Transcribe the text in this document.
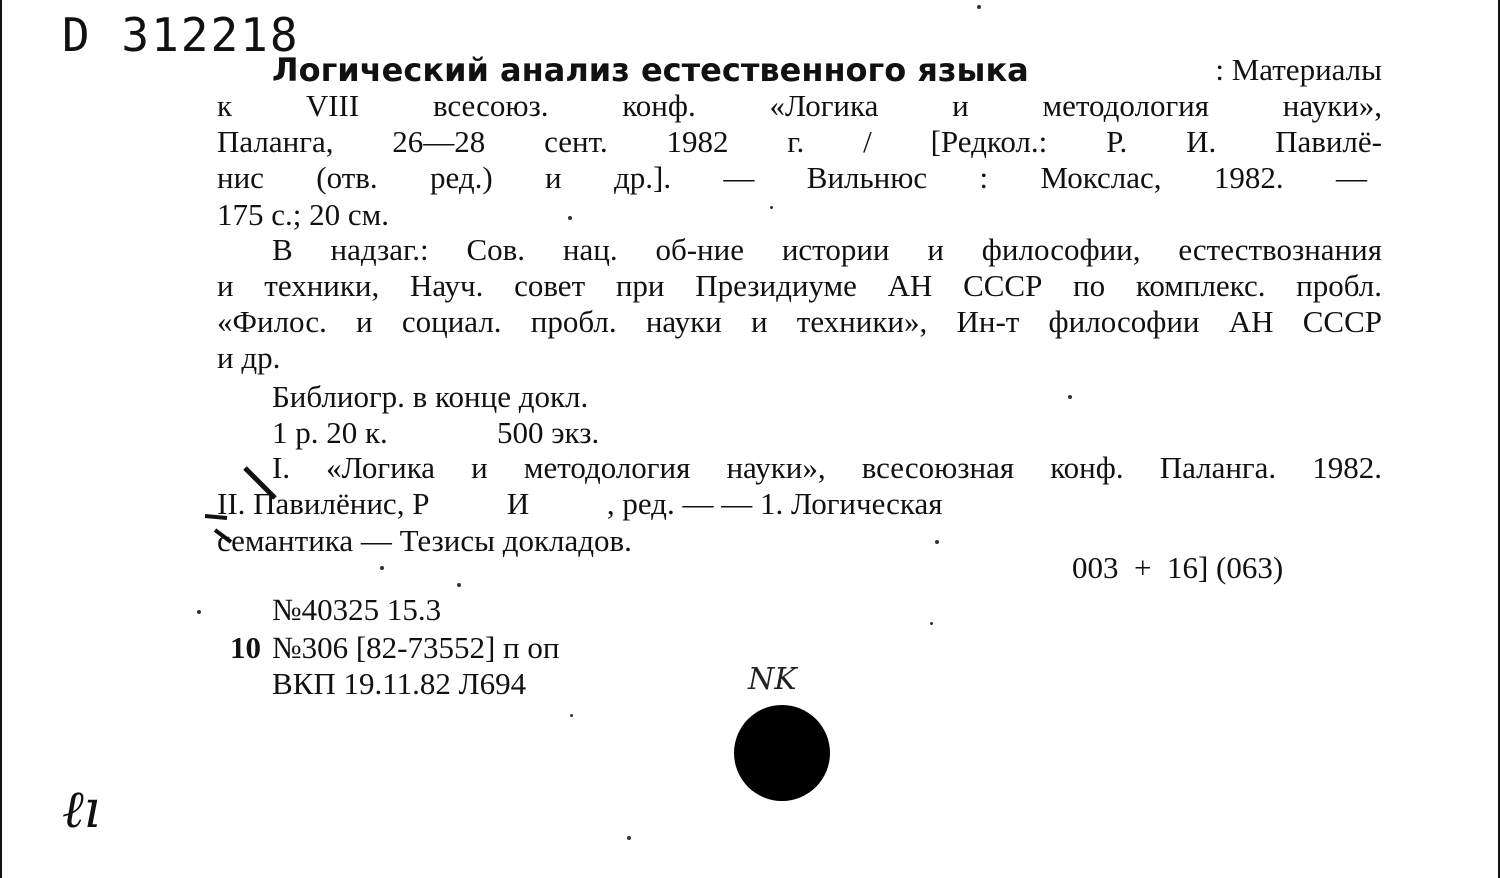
D 312218
Логический анализ естественного языка	: Материалы
к VIII всесоюз. конф. «Логика и методология науки»,
Паланга, 26—28 сент. 1982 г. / [Редкол.: Р. И. Павилё-
нис (отв. ред.) и др.]. — Вильнюс : Мокслас, 1982. —
175 с.; 20 см.
В надзаг.: Сов. нац. об-ние истории и философии, естествознания
и техники, Науч. совет при Президиуме АН СССР по комплекс. пробл.
«Филос. и социал. пробл. науки и техники», Ин-т философии АН СССР
и др.
Библиогр. в конце докл.
1 р. 20 к.	500 экз.
I. «Логика и методология науки», всесоюзная конф. Паланга. 1982.
II. Павилёнис, Р          И          , ред. — — 1. Логическая
семантика — Тезисы докладов.
003  +  16] (063)
№40325 15.3
10 №306 [82-73552] п оп
ВКП 19.11.82 Л694	NK
ℓı
